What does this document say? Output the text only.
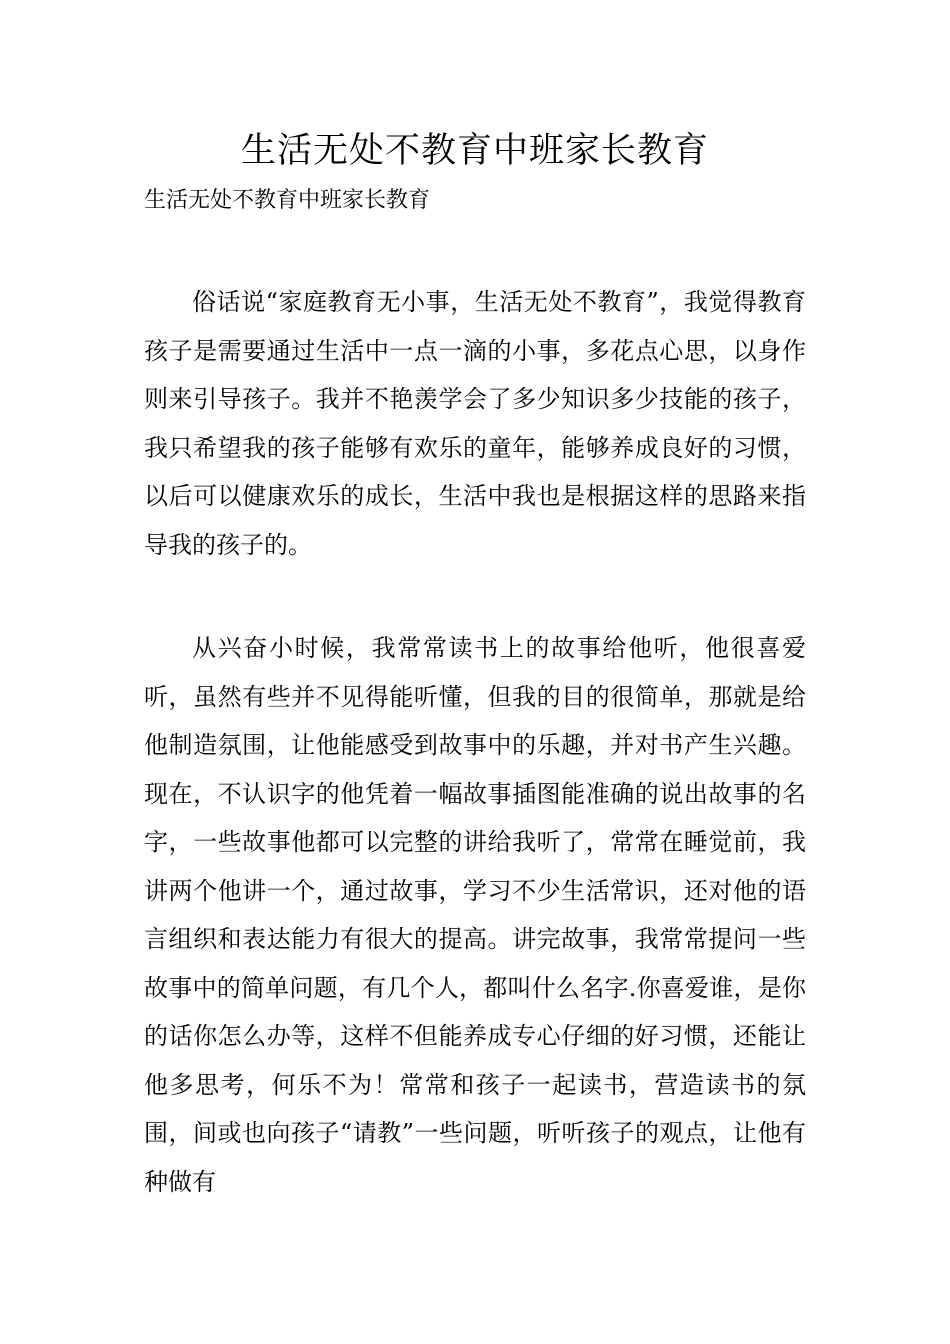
生活无处不教育中班家长教育

生活无处不教育中班家长教育

俗话说“家庭教育无小事，生活无处不教育”，我觉得教育孩子是需要通过生活中一点一滴的小事，多花点心思，以身作则来引导孩子。我并不艳羡学会了多少知识多少技能的孩子，我只希望我的孩子能够有欢乐的童年，能够养成良好的习惯，以后可以健康欢乐的成长，生活中我也是根据这样的思路来指导我的孩子的。

从兴奋小时候，我常常读书上的故事给他听，他很喜爱听，虽然有些并不见得能听懂，但我的目的很简单，那就是给他制造氛围，让他能感受到故事中的乐趣，并对书产生兴趣。现在，不认识字的他凭着一幅故事插图能准确的说出故事的名字，一些故事他都可以完整的讲给我听了，常常在睡觉前，我讲两个他讲一个，通过故事，学习不少生活常识，还对他的语言组织和表达能力有很大的提高。讲完故事，我常常提问一些故事中的简单问题，有几个人，都叫什么名字.你喜爱谁，是你的话你怎么办等，这样不但能养成专心仔细的好习惯，还能让他多思考，何乐不为！常常和孩子一起读书，营造读书的氛围，间或也向孩子“请教”一些问题，听听孩子的观点，让他有种做有
